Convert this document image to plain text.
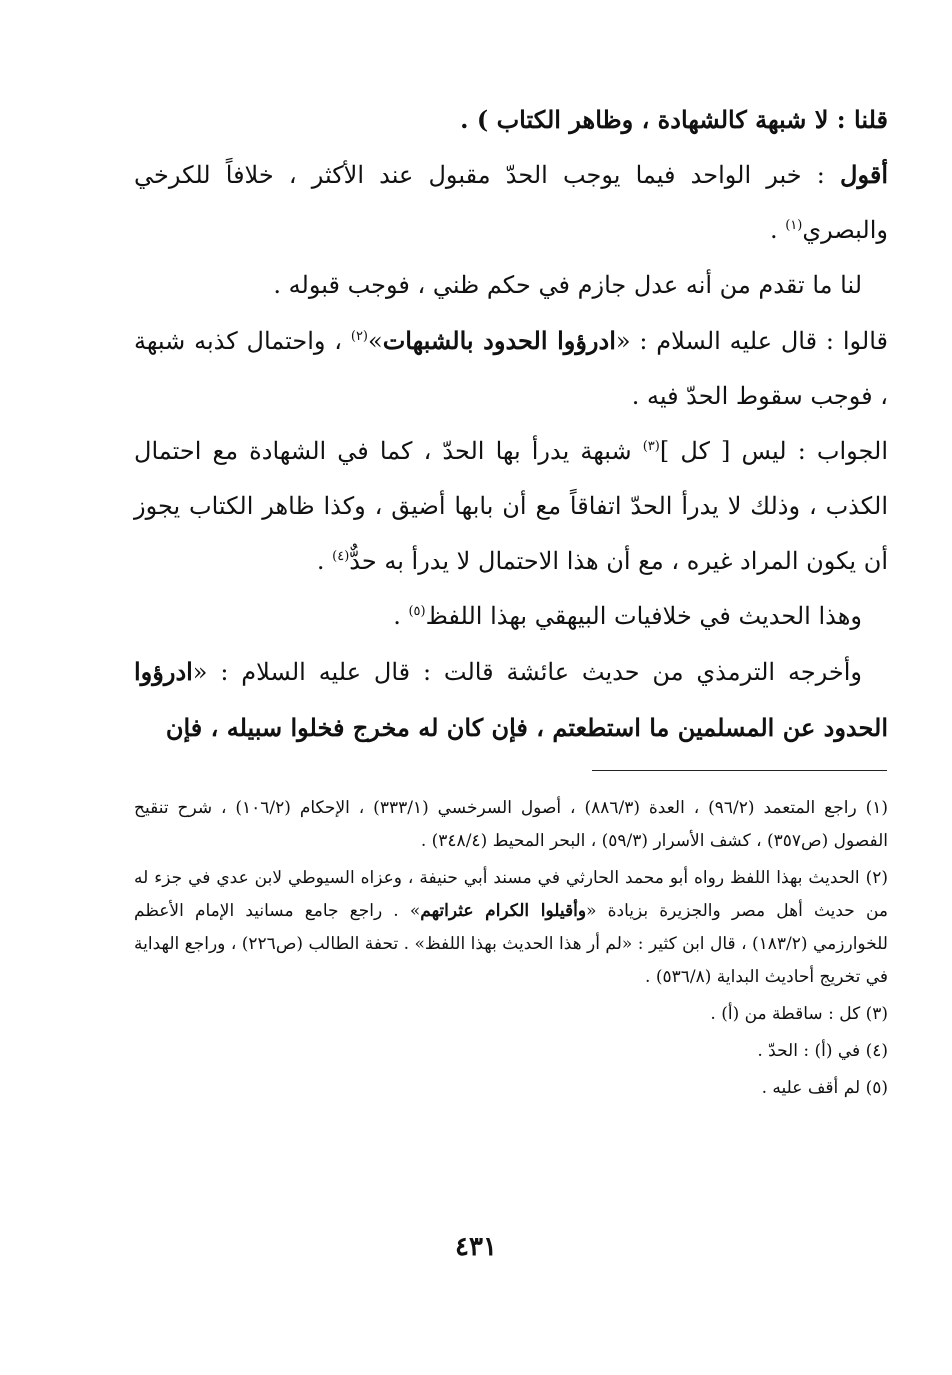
قلنا : لا شبهة كالشهادة ، وظاهر الكتاب ) .

أقول : خبر الواحد فيما يوجب الحدّ مقبول عند الأكثر ، خلافاً للكرخي والبصري$^{(١)}$ .

لنا ما تقدم من أنه عدل جازم في حكم ظني ، فوجب قبوله .

قالوا : قال عليه السلام : «ادرؤوا الحدود بالشبهات»$^{(٢)}$ ، واحتمال كذبه شبهة ، فوجب سقوط الحدّ فيه .

الجواب : ليس [ كل ]$^{(٣)}$ شبهة يدرأ بها الحدّ ، كما في الشهادة مع احتمال الكذب ، وذلك لا يدرأ الحدّ اتفاقاً مع أن بابها أضيق ، وكذا ظاهر الكتاب يجوز أن يكون المراد غيره ، مع أن هذا الاحتمال لا يدرأ به حدٌّ$^{(٤)}$ .

وهذا الحديث في خلافيات البيهقي بهذا اللفظ$^{(٥)}$ .

وأخرجه الترمذي من حديث عائشة قالت : قال عليه السلام : «ادرؤوا الحدود عن المسلمين ما استطعتم ، فإن كان له مخرج فخلوا سبيله ، فإن

(١) راجع المتعمد (٩٦/٢) ، العدة (٨٨٦/٣) ، أصول السرخسي (٣٣٣/١) ، الإحكام (١٠٦/٢) ، شرح تنقيح الفصول (ص٣٥٧) ، كشف الأسرار (٥٩/٣) ، البحر المحيط (٣٤٨/٤) .

(٢) الحديث بهذا اللفظ رواه أبو محمد الحارثي في مسند أبي حنيفة ، وعزاه السيوطي لابن عدي في جزء له من حديث أهل مصر والجزيرة بزيادة «وأقيلوا الكرام عثراتهم» . راجع جامع مسانيد الإمام الأعظم للخوارزمي (١٨٣/٢) ، قال ابن كثير : «لم أر هذا الحديث بهذا اللفظ» . تحفة الطالب (ص٢٢٦) ، وراجع الهداية في تخريج أحاديث البداية (٥٣٦/٨) .

(٣) كل : ساقطة من (أ) .

(٤) في (أ) : الحدّ .

(٥) لم أقف عليه .

٤٣١
